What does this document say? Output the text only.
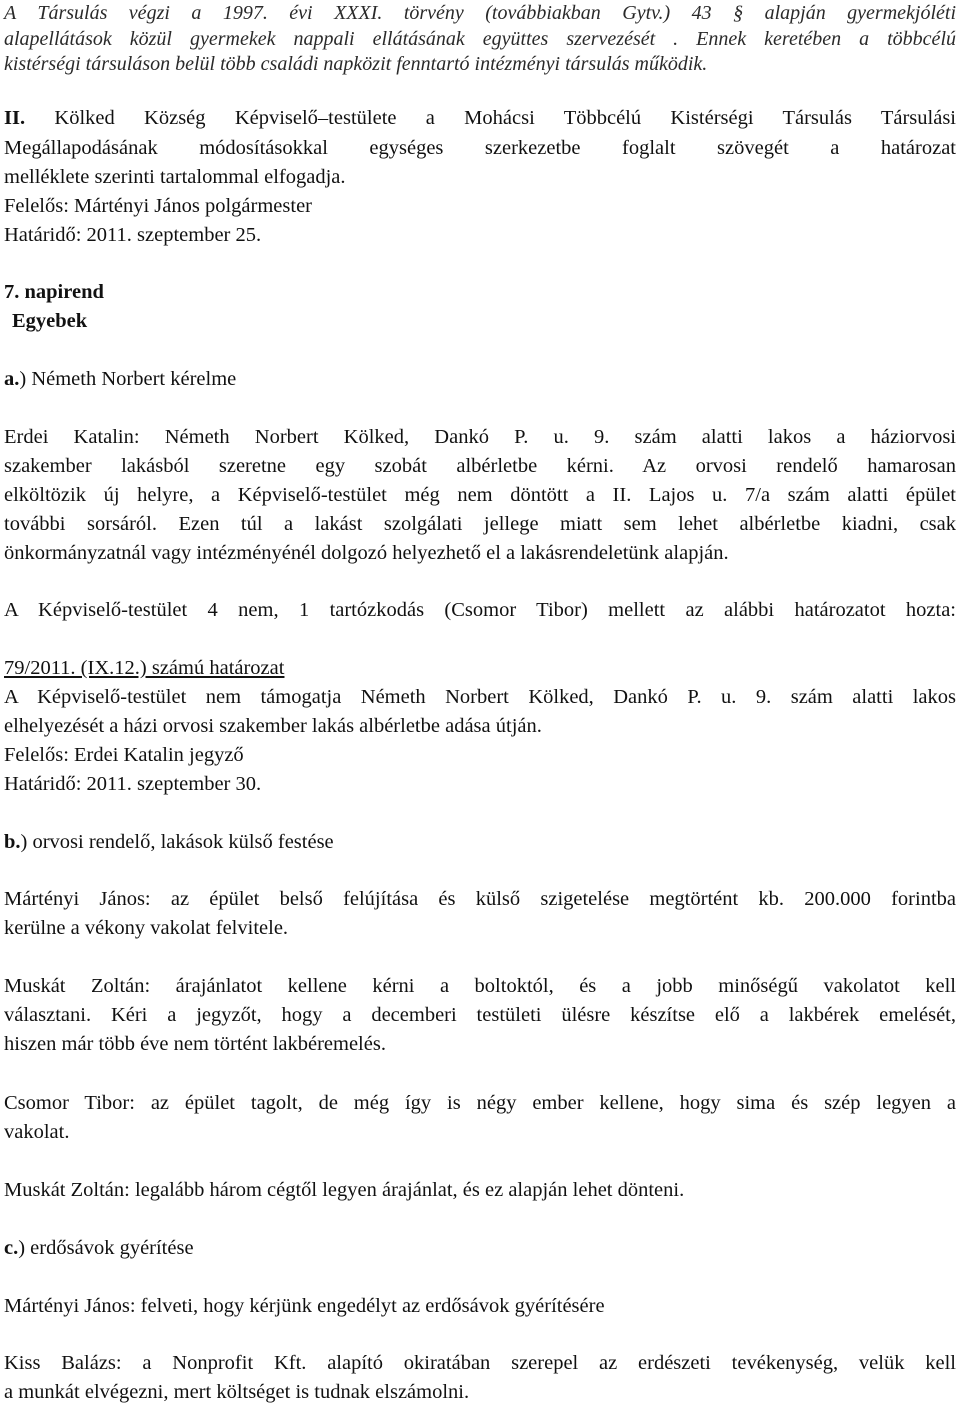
A Társulás végzi a 1997. évi XXXI. törvény (továbbiakban Gytv.) 43 § alapján gyermekjóléti
alapellátások közül gyermekek nappali ellátásának együttes szervezését . Ennek keretében a többcélú
kistérségi társuláson belül több családi napközit fenntartó intézményi társulás működik.
II. Kölked Község Képviselő–testülete a Mohácsi Többcélú Kistérségi Társulás Társulási
Megállapodásának módosításokkal egységes szerkezetbe foglalt szövegét a határozat
melléklete szerinti tartalommal elfogadja.
Felelős: Mártényi János polgármester
Határidő: 2011. szeptember 25.
7. napirend
Egyebek
a.) Németh Norbert kérelme
Erdei Katalin: Németh Norbert Kölked, Dankó P. u. 9. szám alatti lakos a háziorvosi
szakember lakásból szeretne egy szobát albérletbe kérni. Az orvosi rendelő hamarosan
elköltözik új helyre, a Képviselő-testület még nem döntött a II. Lajos u. 7/a szám alatti épület
további sorsáról. Ezen túl a lakást szolgálati jellege miatt sem lehet albérletbe kiadni, csak
önkormányzatnál vagy intézményénél dolgozó helyezhető el a lakásrendeletünk alapján.
A Képviselő-testület 4 nem, 1 tartózkodás (Csomor Tibor) mellett az alábbi határozatot hozta:
79/2011. (IX.12.) számú határozat
A Képviselő-testület nem támogatja Németh Norbert Kölked, Dankó P. u. 9. szám alatti lakos
elhelyezését a házi orvosi szakember lakás albérletbe adása útján.
Felelős: Erdei Katalin jegyző
Határidő: 2011. szeptember 30.
b.) orvosi rendelő, lakások külső festése
Mártényi János: az épület belső felújítása és külső szigetelése megtörtént kb. 200.000 forintba
kerülne a vékony vakolat felvitele.
Muskát Zoltán: árajánlatot kellene kérni a boltoktól, és a jobb minőségű vakolatot kell
választani. Kéri a jegyzőt, hogy a decemberi testületi ülésre készítse elő a lakbérek emelését,
hiszen már több éve nem történt lakbéremelés.
Csomor Tibor: az épület tagolt, de még így is négy ember kellene, hogy sima és szép legyen a
vakolat.
Muskát Zoltán: legalább három cégtől legyen árajánlat, és ez alapján lehet dönteni.
c.) erdősávok gyérítése
Mártényi János: felveti, hogy kérjünk engedélyt az erdősávok gyérítésére
Kiss Balázs: a Nonprofit Kft. alapító okiratában szerepel az erdészeti tevékenység, velük kell
a munkát elvégezni, mert költséget is tudnak elszámolni.
